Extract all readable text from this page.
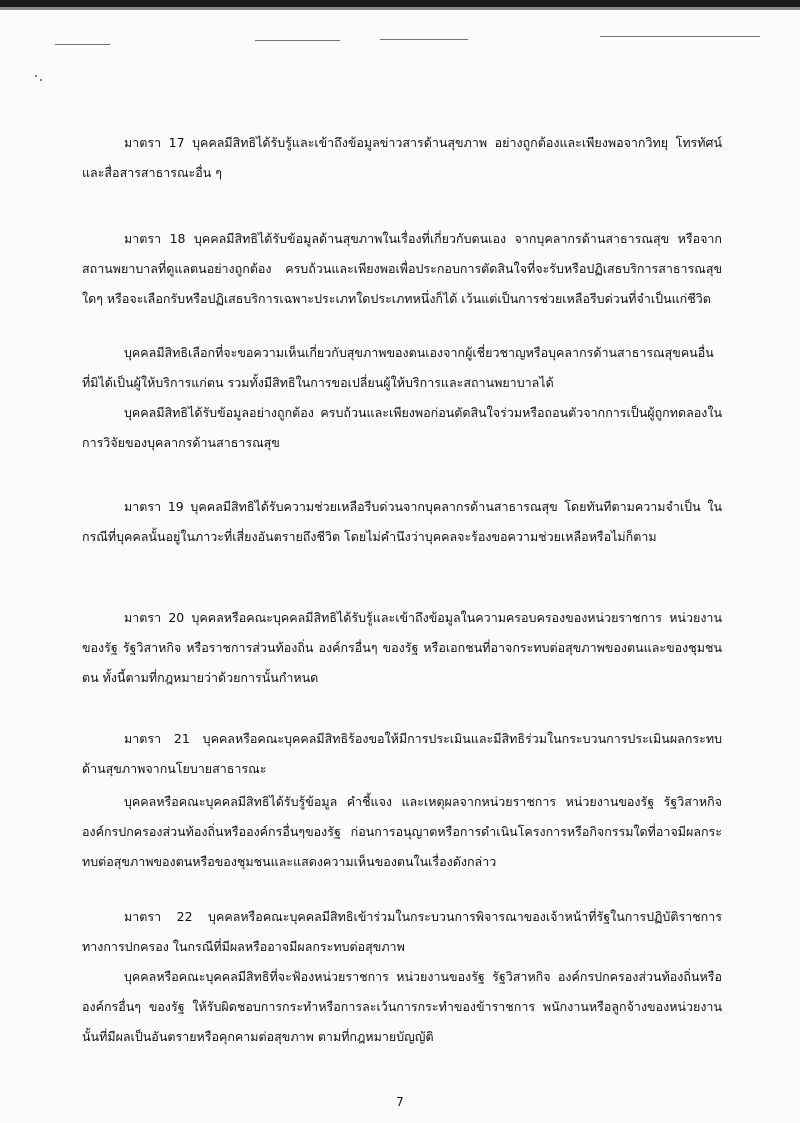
มาตรา 17 บุคคลมีสิทธิได้รับรู้และเข้าถึงข้อมูลข่าวสารด้านสุขภาพ อย่างถูกต้องและเพียงพอจากวิทยุ โทรทัศน์ และสื่อสารสาธารณะอื่น ๆ

มาตรา 18 บุคคลมีสิทธิได้รับข้อมูลด้านสุขภาพในเรื่องที่เกี่ยวกับตนเอง จากบุคลากรด้านสาธารณสุข หรือจากสถานพยาบาลที่ดูแลตนอย่างถูกต้อง ครบถ้วนและเพียงพอเพื่อประกอบการตัดสินใจที่จะรับหรือปฏิเสธบริการสาธารณสุขใดๆ หรือจะเลือกรับหรือปฏิเสธบริการเฉพาะประเภทใดประเภทหนึ่งก็ได้ เว้นแต่เป็นการช่วยเหลือรีบด่วนที่จำเป็นแก่ชีวิต

บุคคลมีสิทธิเลือกที่จะขอความเห็นเกี่ยวกับสุขภาพของตนเองจากผู้เชี่ยวชาญหรือบุคลากรด้านสาธารณสุขคนอื่นที่มิได้เป็นผู้ให้บริการแก่ตน รวมทั้งมีสิทธิในการขอเปลี่ยนผู้ให้บริการและสถานพยาบาลได้

บุคคลมีสิทธิได้รับข้อมูลอย่างถูกต้อง ครบถ้วนและเพียงพอก่อนตัดสินใจร่วมหรือถอนตัวจากการเป็นผู้ถูกทดลองในการวิจัยของบุคลากรด้านสาธารณสุข

มาตรา 19 บุคคลมีสิทธิได้รับความช่วยเหลือรีบด่วนจากบุคลากรด้านสาธารณสุข โดยทันทีตามความจำเป็น ในกรณีที่บุคคลนั้นอยู่ในภาวะที่เสี่ยงอันตรายถึงชีวิต โดยไม่คำนึงว่าบุคคลจะร้องขอความช่วยเหลือหรือไม่ก็ตาม

มาตรา 20 บุคคลหรือคณะบุคคลมีสิทธิได้รับรู้และเข้าถึงข้อมูลในความครอบครองของหน่วยราชการ หน่วยงานของรัฐ รัฐวิสาหกิจ หรือราชการส่วนท้องถิ่น องค์กรอื่นๆ ของรัฐ หรือเอกชนที่อาจกระทบต่อสุขภาพของตนและของชุมชนตน ทั้งนี้ตามที่กฎหมายว่าด้วยการนั้นกำหนด

มาตรา 21 บุคคลหรือคณะบุคคลมีสิทธิร้องขอให้มีการประเมินและมีสิทธิร่วมในกระบวนการประเมินผลกระทบด้านสุขภาพจากนโยบายสาธารณะ

บุคคลหรือคณะบุคคลมีสิทธิได้รับรู้ข้อมูล คำชี้แจง และเหตุผลจากหน่วยราชการ หน่วยงานของรัฐ รัฐวิสาหกิจ องค์กรปกครองส่วนท้องถิ่นหรือองค์กรอื่นๆของรัฐ ก่อนการอนุญาตหรือการดำเนินโครงการหรือกิจกรรมใดที่อาจมีผลกระทบต่อสุขภาพของตนหรือของชุมชนและแสดงความเห็นของตนในเรื่องดังกล่าว

มาตรา 22 บุคคลหรือคณะบุคคลมีสิทธิเข้าร่วมในกระบวนการพิจารณาของเจ้าหน้าที่รัฐในการปฏิบัติราชการทางการปกครอง ในกรณีที่มีผลหรืออาจมีผลกระทบต่อสุขภาพ

บุคคลหรือคณะบุคคลมีสิทธิที่จะฟ้องหน่วยราชการ หน่วยงานของรัฐ รัฐวิสาหกิจ องค์กรปกครองส่วนท้องถิ่นหรือองค์กรอื่นๆ ของรัฐ ให้รับผิดชอบการกระทำหรือการละเว้นการกระทำของข้าราชการ พนักงานหรือลูกจ้างของหน่วยงานนั้นที่มีผลเป็นอันตรายหรือคุกคามต่อสุขภาพ ตามที่กฎหมายบัญญัติ

7
